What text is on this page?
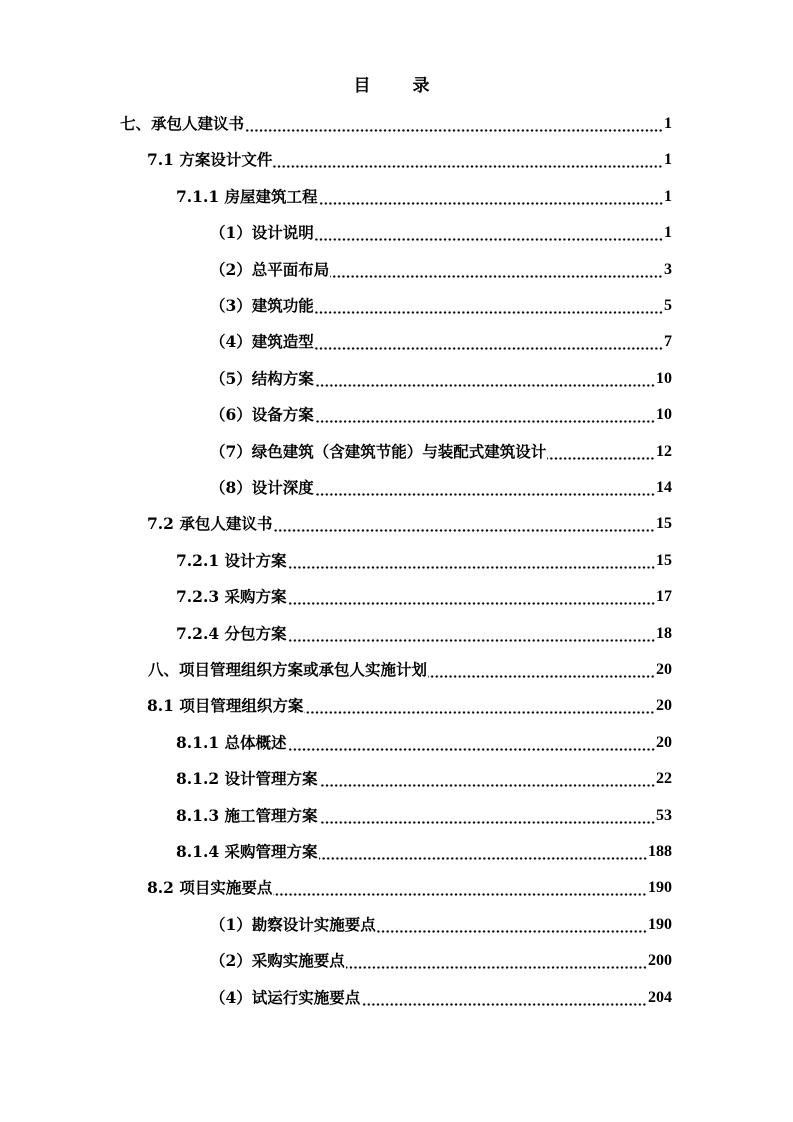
目 录
七、承包人建议书	1
7.1 方案设计文件	1
7.1.1 房屋建筑工程	1
（1）设计说明	1
（2）总平面布局	3
（3）建筑功能	5
（4）建筑造型	7
（5）结构方案	10
（6）设备方案	10
（7）绿色建筑（含建筑节能）与装配式建筑设计	12
（8）设计深度	14
7.2 承包人建议书	15
7.2.1 设计方案	15
7.2.3 采购方案	17
7.2.4 分包方案	18
八、项目管理组织方案或承包人实施计划	20
8.1 项目管理组织方案	20
8.1.1 总体概述	20
8.1.2 设计管理方案	22
8.1.3 施工管理方案	53
8.1.4 采购管理方案	188
8.2 项目实施要点	190
（1）勘察设计实施要点	190
（2）采购实施要点	200
（4）试运行实施要点	204
